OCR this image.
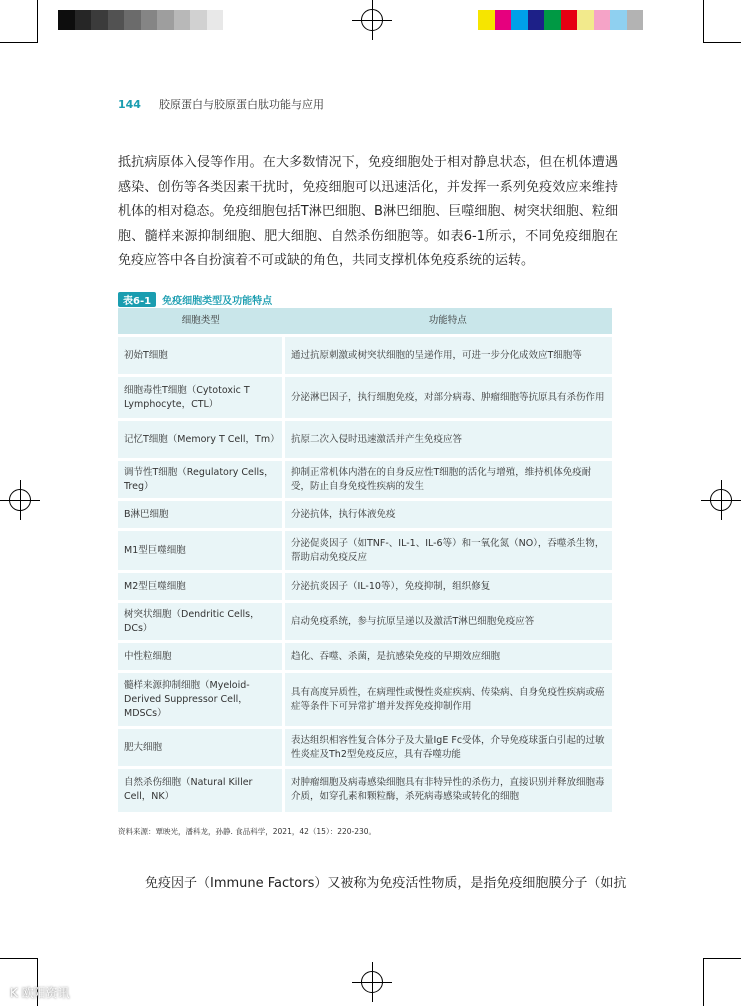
144 胶原蛋白与胶原蛋白肽功能与应用
抵抗病原体入侵等作用。在大多数情况下，免疫细胞处于相对静息状态，但在机体遭遇感染、创伤等各类因素干扰时，免疫细胞可以迅速活化，并发挥一系列免疫效应来维持机体的相对稳态。免疫细胞包括T淋巴细胞、B淋巴细胞、巨噬细胞、树突状细胞、粒细胞、髓样来源抑制细胞、肥大细胞、自然杀伤细胞等。如表6-1所示，不同免疫细胞在免疫应答中各自扮演着不可或缺的角色，共同支撑机体免疫系统的运转。
表6-1 免疫细胞类型及功能特点
细胞类型	功能特点
初始T细胞	通过抗原刺激或树突状细胞的呈递作用，可进一步分化成效应T细胞等
细胞毒性T细胞（Cytotoxic T Lymphocyte，CTL）	分泌淋巴因子，执行细胞免疫，对部分病毒、肿瘤细胞等抗原具有杀伤作用
记忆T细胞（Memory T Cell，Tm）	抗原二次入侵时迅速激活并产生免疫应答
调节性T细胞（Regulatory Cells，Treg）	抑制正常机体内潜在的自身反应性T细胞的活化与增殖，维持机体免疫耐受，防止自身免疫性疾病的发生
B淋巴细胞	分泌抗体，执行体液免疫
M1型巨噬细胞	分泌促炎因子（如TNF-、IL-1、IL-6等）和一氧化氮（NO），吞噬杀生物，帮助启动免疫反应
M2型巨噬细胞	分泌抗炎因子（IL-10等），免疫抑制，组织修复
树突状细胞（Dendritic Cells，DCs）	启动免疫系统，参与抗原呈递以及激活T淋巴细胞免疫应答
中性粒细胞	趋化、吞噬、杀菌，是抗感染免疫的早期效应细胞
髓样来源抑制细胞（Myeloid-Derived Suppressor Cell，MDSCs）	具有高度异质性，在病理性或慢性炎症疾病、传染病、自身免疫性疾病或癌症等条件下可异常扩增并发挥免疫抑制作用
肥大细胞	表达组织相容性复合体分子及大量IgE Fc受体，介导免疫球蛋白引起的过敏性炎症及Th2型免疫反应，具有吞噬功能
自然杀伤细胞（Natural Killer Cell，NK）	对肿瘤细胞及病毒感染细胞具有非特异性的杀伤力，直接识别并释放细胞毒介质，如穿孔素和颗粒酶，杀死病毒感染或转化的细胞
资料来源：覃映光，潘科龙，孙静. 食品科学，2021，42（15）：220-230。
免疫因子（Immune Factors）又被称为免疫活性物质，是指免疫细胞膜分子（如抗
K 欧阳资讯
